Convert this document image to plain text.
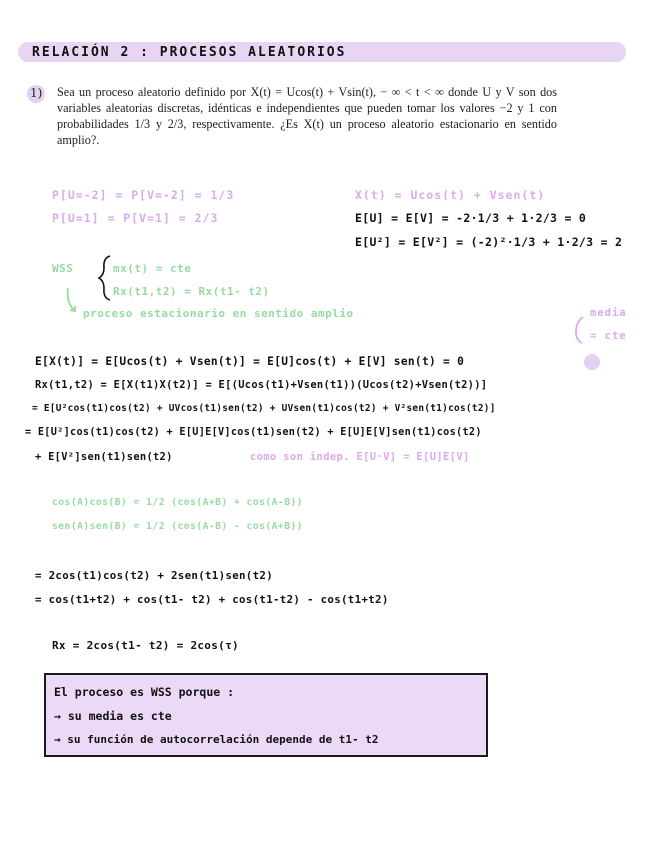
RELACIÓN 2 : PROCESOS ALEATORIOS
1) Sea un proceso aleatorio definido por X(t) = Ucos(t) + Vsin(t), − ∞ < t < ∞ donde U y V son dos variables aleatorias discretas, idénticas e independientes que pueden tomar los valores −2 y 1 con probabilidades 1/3 y 2/3, respectivamente. ¿Es X(t) un proceso aleatorio estacionario en sentido amplio?.
P[U=-2] = P[V=-2] = 1/3
P[U=1] = P[V=1] = 2/3
X(t) = Ucos(t) + Vsen(t)
E[U] = E[V] = -2·1/3 + 1·2/3 = 0
E[U²] = E[V²] = (-2)²·1/3 + 1·2/3 = 2
WSS	mx(t) = cte
Rx(t1,t2) = Rx(t1- t2)
proceso estacionario en sentido amplio	media
= cte
E[X(t)] = E[Ucos(t) + Vsen(t)] = E[U]cos(t) + E[V] sen(t) = 0
Rx(t1,t2) = E[X(t1)X(t2)] = E[(Ucos(t1)+Vsen(t1))(Ucos(t2)+Vsen(t2))]
= E[U²cos(t1)cos(t2) + UVcos(t1)sen(t2) + UVsen(t1)cos(t2) + V²sen(t1)cos(t2)]
= E[U²]cos(t1)cos(t2) + E[U]E[V]cos(t1)sen(t2) + E[U]E[V]sen(t1)cos(t2)
+ E[V²]sen(t1)sen(t2)	como son indep. E[U·V] = E[U]E[V]
cos(A)cos(B) = 1/2 (cos(A+B) + cos(A-B))
sen(A)sen(B) = 1/2 (cos(A-B) - cos(A+B))
= 2cos(t1)cos(t2) + 2sen(t1)sen(t2)
= cos(t1+t2) + cos(t1- t2) + cos(t1-t2) - cos(t1+t2)
Rx = 2cos(t1- t2) = 2cos(τ)
El proceso es WSS porque :
→ su media es cte
→ su función de autocorrelación depende de t1- t2
